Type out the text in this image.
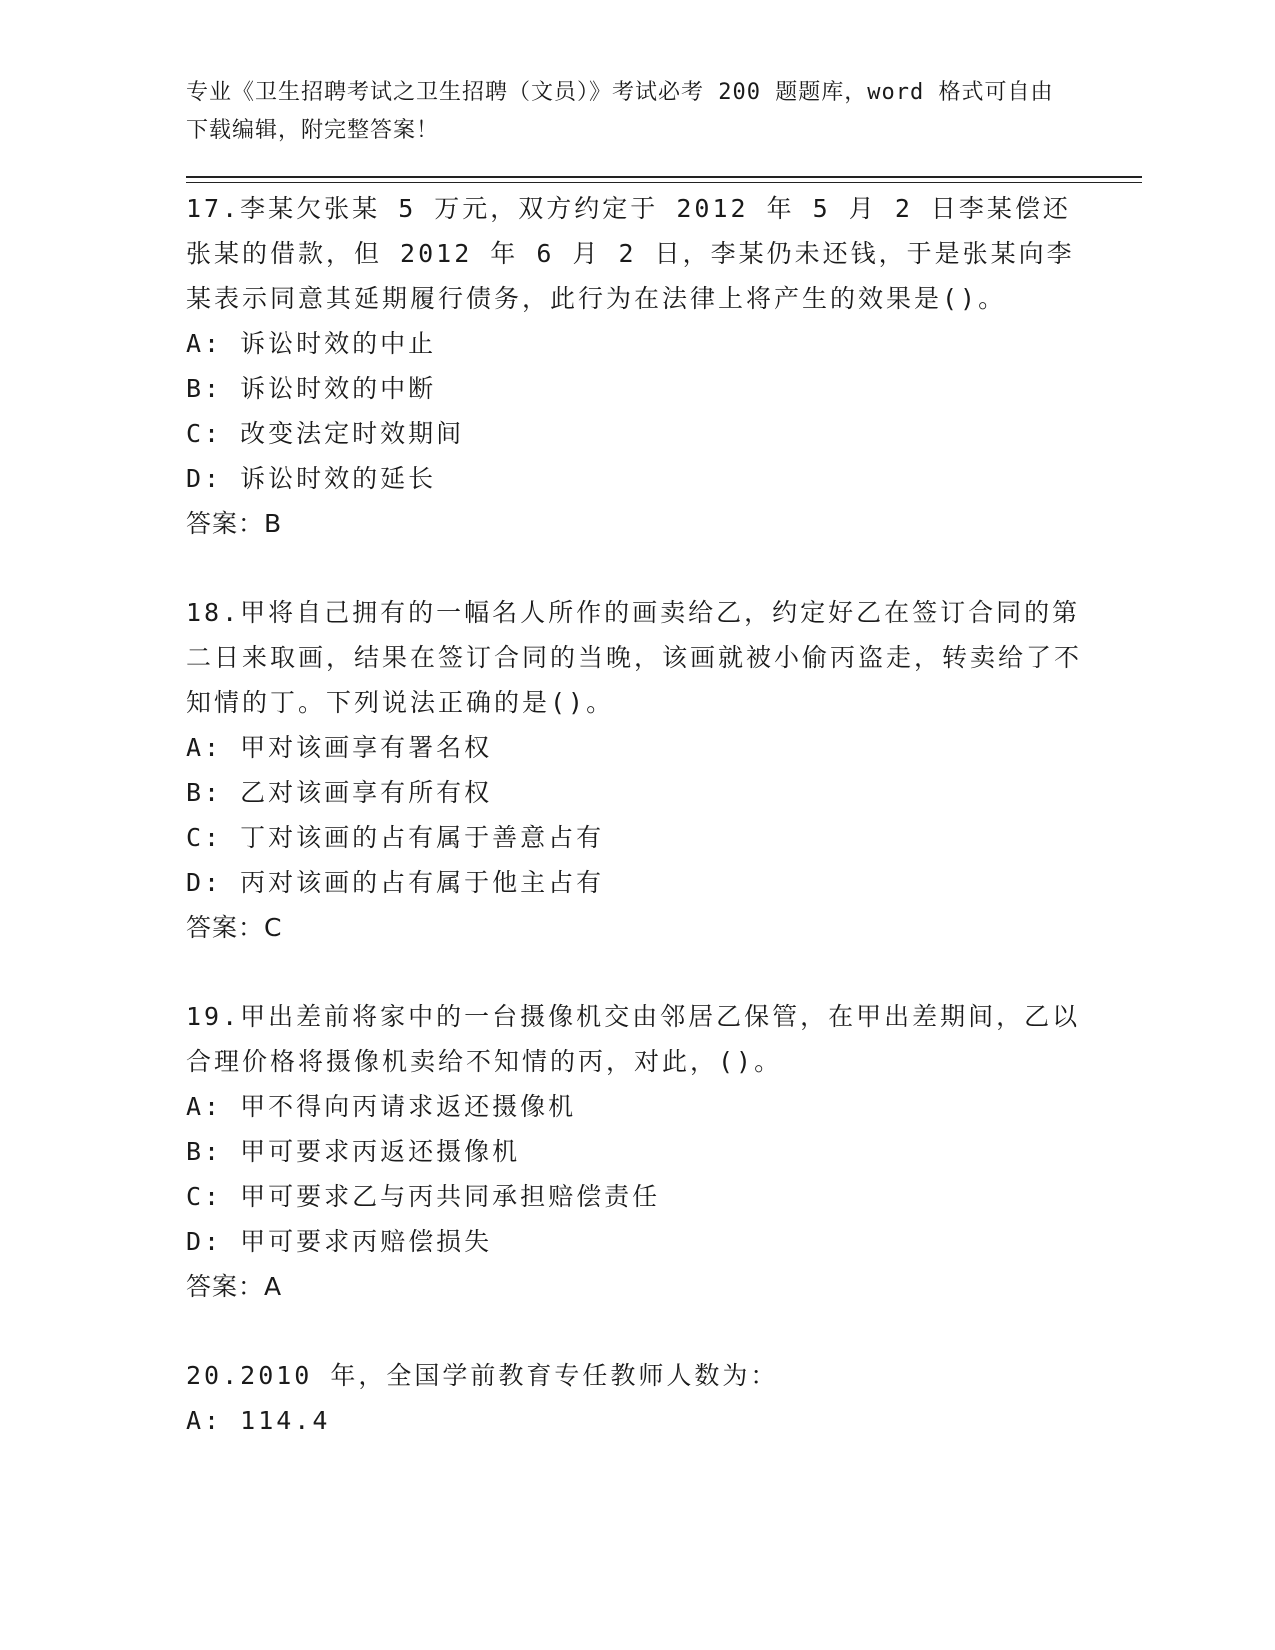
专业《卫生招聘考试之卫生招聘（文员）》考试必考 200 题题库，word 格式可自由下载编辑，附完整答案！
17.李某欠张某 5 万元，双方约定于 2012 年 5 月 2 日李某偿还张某的借款，但 2012 年 6 月 2 日，李某仍未还钱，于是张某向李某表示同意其延期履行债务，此行为在法律上将产生的效果是()。
A: 诉讼时效的中止
B: 诉讼时效的中断
C: 改变法定时效期间
D: 诉讼时效的延长
答案：B
18.甲将自己拥有的一幅名人所作的画卖给乙，约定好乙在签订合同的第二日来取画，结果在签订合同的当晚，该画就被小偷丙盗走，转卖给了不知情的丁。下列说法正确的是()。
A: 甲对该画享有署名权
B: 乙对该画享有所有权
C: 丁对该画的占有属于善意占有
D: 丙对该画的占有属于他主占有
答案：C
19.甲出差前将家中的一台摄像机交由邻居乙保管，在甲出差期间，乙以合理价格将摄像机卖给不知情的丙，对此，()。
A: 甲不得向丙请求返还摄像机
B: 甲可要求丙返还摄像机
C: 甲可要求乙与丙共同承担赔偿责任
D: 甲可要求丙赔偿损失
答案：A
20.2010 年，全国学前教育专任教师人数为：
A: 114.4
